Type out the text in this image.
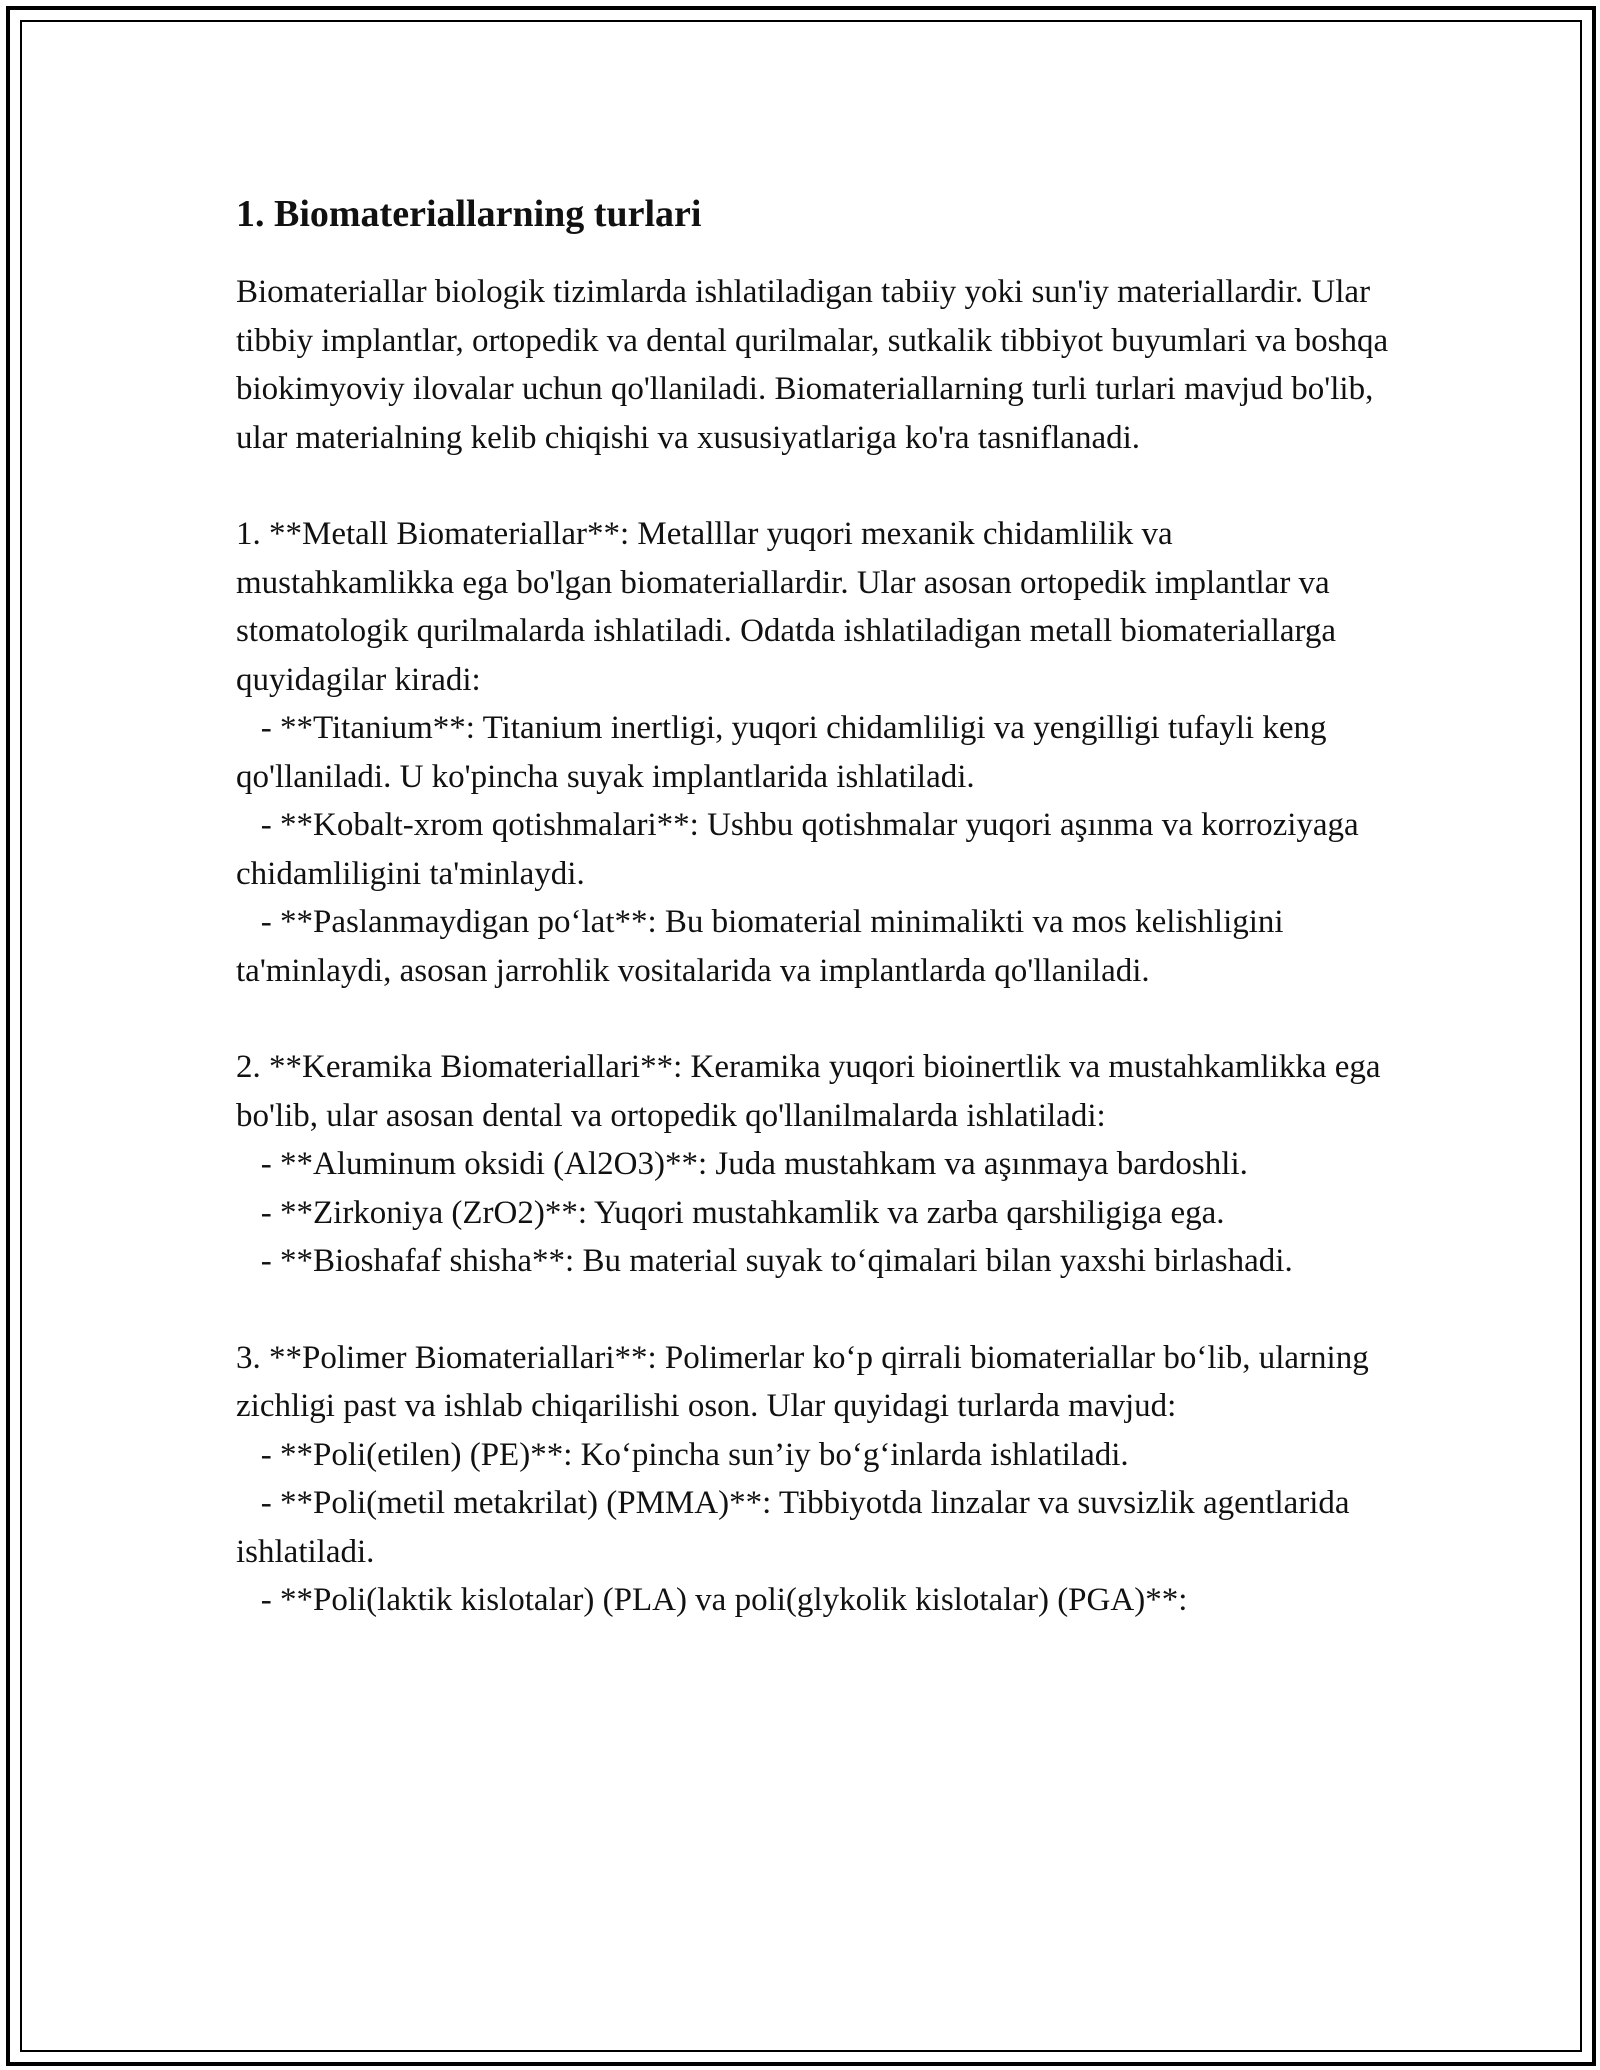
1. Biomateriallarning turlari

Biomateriallar biologik tizimlarda ishlatiladigan tabiiy yoki sun'iy materiallardir. Ular tibbiy implantlar, ortopedik va dental qurilmalar, sutkalik tibbiyot buyumlari va boshqa biokimyoviy ilovalar uchun qo'llaniladi. Biomateriallarning turli turlari mavjud bo'lib, ular materialning kelib chiqishi va xususiyatlariga ko'ra tasniflanadi.

1. **Metall Biomateriallar**: Metalllar yuqori mexanik chidamlilik va mustahkamlikka ega bo'lgan biomateriallardir. Ular asosan ortopedik implantlar va stomatologik qurilmalarda ishlatiladi. Odatda ishlatiladigan metall biomateriallarga quyidagilar kiradi:

- **Titanium**: Titanium inertligi, yuqori chidamliligi va yengilligi tufayli keng qo'llaniladi. U ko'pincha suyak implantlarida ishlatiladi.

- **Kobalt-xrom qotishmalari**: Ushbu qotishmalar yuqori aşınma va korroziyaga chidamliligini ta'minlaydi.

- **Paslanmaydigan po‘lat**: Bu biomaterial minimalikti va mos kelishligini ta'minlaydi, asosan jarrohlik vositalarida va implantlarda qo'llaniladi.

2. **Keramika Biomateriallari**: Keramika yuqori bioinertlik va mustahkamlikka ega bo'lib, ular asosan dental va ortopedik qo'llanilmalarda ishlatiladi:

- **Aluminum oksidi (Al2O3)**: Juda mustahkam va aşınmaya bardoshli.

- **Zirkoniya (ZrO2)**: Yuqori mustahkamlik va zarba qarshiligiga ega.

- **Bioshafaf shisha**: Bu material suyak to‘qimalari bilan yaxshi birlashadi.

3. **Polimer Biomateriallari**: Polimerlar ko‘p qirrali biomateriallar bo‘lib, ularning zichligi past va ishlab chiqarilishi oson. Ular quyidagi turlarda mavjud:

- **Poli(etilen) (PE)**: Ko‘pincha sun’iy bo‘g‘inlarda ishlatiladi.

- **Poli(metil metakrilat) (PMMA)**: Tibbiyotda linzalar va suvsizlik agentlarida ishlatiladi.

- **Poli(laktik kislotalar) (PLA) va poli(glykolik kislotalar) (PGA)**:
